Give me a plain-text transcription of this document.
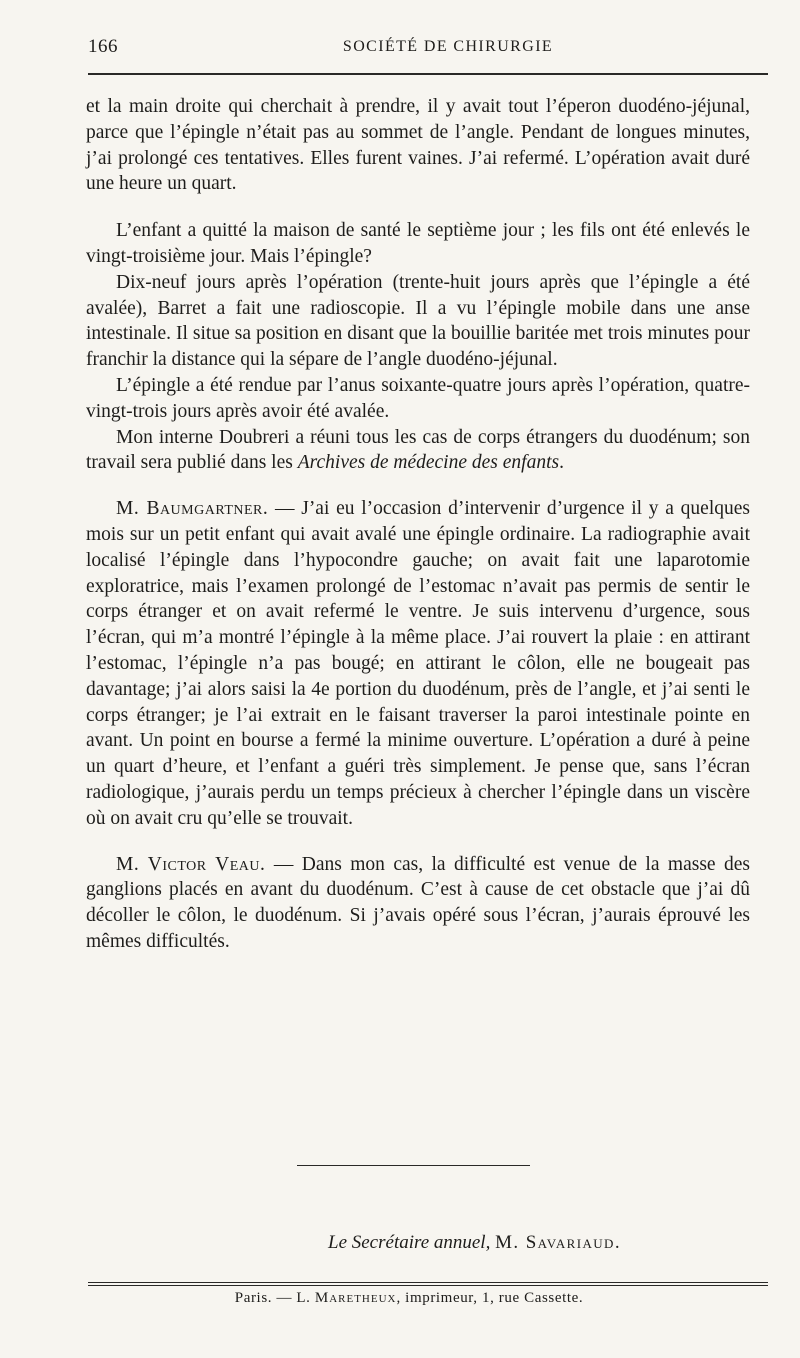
166	SOCIÉTÉ DE CHIRURGIE

et la main droite qui cherchait à prendre, il y avait tout l’éperon duodéno-jéjunal, parce que l’épingle n’était pas au sommet de l’angle. Pendant de longues minutes, j’ai prolongé ces tentatives. Elles furent vaines. J’ai refermé. L’opération avait duré une heure un quart.

L’enfant a quitté la maison de santé le septième jour ; les fils ont été enlevés le vingt-troisième jour. Mais l’épingle?

Dix-neuf jours après l’opération (trente-huit jours après que l’épingle a été avalée), Barret a fait une radioscopie. Il a vu l’épingle mobile dans une anse intestinale. Il situe sa position en disant que la bouillie baritée met trois minutes pour franchir la distance qui la sépare de l’angle duodéno-jéjunal.

L’épingle a été rendue par l’anus soixante-quatre jours après l’opération, quatre-vingt-trois jours après avoir été avalée.

Mon interne Doubreri a réuni tous les cas de corps étrangers du duodénum; son travail sera publié dans les Archives de médecine des enfants.

M. Baumgartner. — J’ai eu l’occasion d’intervenir d’urgence il y a quelques mois sur un petit enfant qui avait avalé une épingle ordinaire. La radiographie avait localisé l’épingle dans l’hypocondre gauche; on avait fait une laparotomie exploratrice, mais l’examen prolongé de l’estomac n’avait pas permis de sentir le corps étranger et on avait refermé le ventre. Je suis intervenu d’urgence, sous l’écran, qui m’a montré l’épingle à la même place. J’ai rouvert la plaie : en attirant l’estomac, l’épingle n’a pas bougé; en attirant le côlon, elle ne bougeait pas davantage; j’ai alors saisi la 4e portion du duodénum, près de l’angle, et j’ai senti le corps étranger; je l’ai extrait en le faisant traverser la paroi intestinale pointe en avant. Un point en bourse a fermé la minime ouverture. L’opération a duré à peine un quart d’heure, et l’enfant a guéri très simplement. Je pense que, sans l’écran radiologique, j’aurais perdu un temps précieux à chercher l’épingle dans un viscère où on avait cru qu’elle se trouvait.

M. Victor Veau. — Dans mon cas, la difficulté est venue de la masse des ganglions placés en avant du duodénum. C’est à cause de cet obstacle que j’ai dû décoller le côlon, le duodénum. Si j’avais opéré sous l’écran, j’aurais éprouvé les mêmes difficultés.

Le Secrétaire annuel, M. Savariaud.
Paris. — L. Maretheux, imprimeur, 1, rue Cassette.
